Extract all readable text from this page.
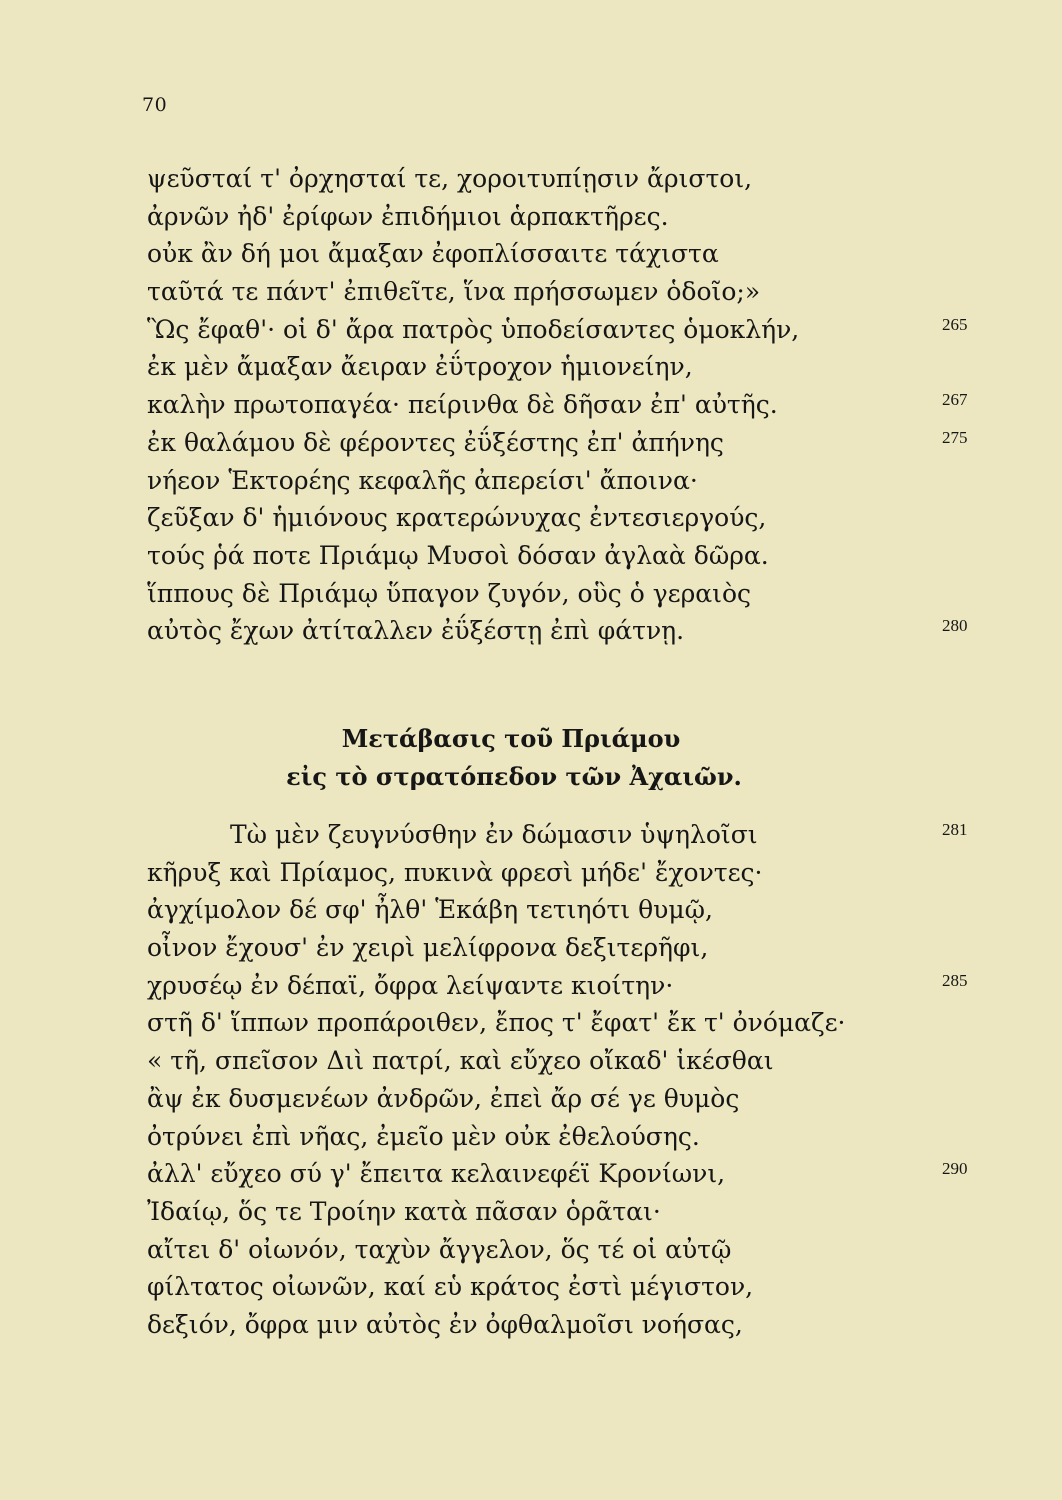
70
ψεῦσταί τ' ὀρχησταί τε, χοροιτυπίῃσιν ἄριστοι,
ἀρνῶν ἠδ' ἐρίφων ἐπιδήμιοι ἁρπακτῆρες.
οὐκ ἂν δή μοι ἄμαξαν ἐφοπλίσσαιτε τάχιστα
ταῦτά τε πάντ' ἐπιθεῖτε, ἵνα πρήσσωμεν ὁδοῖο;»
Ὣς ἔφαθ'· οἱ δ' ἄρα πατρὸς ὑποδείσαντες ὁμοκλήν,	265
ἐκ μὲν ἄμαξαν ἄειραν ἐΰτροχον ἡμιονείην,
καλὴν πρωτοπαγέα· πείρινθα δὲ δῆσαν ἐπ' αὐτῆς.	267
ἐκ θαλάμου δὲ φέροντες ἐΰξέστης ἐπ' ἀπήνης	275
νήεον Ἑκτορέης κεφαλῆς ἀπερείσι' ἄποινα·
ζεῦξαν δ' ἡμιόνους κρατερώνυχας ἐντεσιεργούς,
τούς ῥά ποτε Πριάμῳ Μυσοὶ δόσαν ἀγλαὰ δῶρα.
ἵππους δὲ Πριάμῳ ὕπαγον ζυγόν, οὓς ὁ γεραιὸς
αὐτὸς ἔχων ἀτίταλλεν ἐΰξέστῃ ἐπὶ φάτνῃ.	280
Μετάβασις τοῦ Πριάμου
εἰς τὸ στρατόπεδον τῶν Ἀχαιῶν.
Τὼ μὲν ζευγνύσθην ἐν δώμασιν ὑψηλοῖσι	281
κῆρυξ καὶ Πρίαμος, πυκινὰ φρεσὶ μήδε' ἔχοντες·
ἀγχίμολον δέ σφ' ἦλθ' Ἑκάβη τετιηότι θυμῷ,
οἶνον ἔχουσ' ἐν χειρὶ μελίφρονα δεξιτερῆφι,
χρυσέῳ ἐν δέπαϊ, ὄφρα λείψαντε κιοίτην·	285
στῆ δ' ἵππων προπάροιθεν, ἔπος τ' ἔφατ' ἔκ τ' ὀνόμαζε·
« τῆ, σπεῖσον Διὶ πατρί, καὶ εὔχεο οἴκαδ' ἱκέσθαι
ἂψ ἐκ δυσμενέων ἀνδρῶν, ἐπεὶ ἄρ σέ γε θυμὸς
ὀτρύνει ἐπὶ νῆας, ἐμεῖο μὲν οὐκ ἐθελούσης.
ἀλλ' εὔχεο σύ γ' ἔπειτα κελαινεφέϊ Κρονίωνι,	290
Ἰδαίῳ, ὅς τε Τροίην κατὰ πᾶσαν ὁρᾶται·
αἴτει δ' οἰωνόν, ταχὺν ἄγγελον, ὅς τέ οἱ αὐτῷ
φίλτατος οἰωνῶν, καί εὑ κράτος ἐστὶ μέγιστον,
δεξιόν, ὄφρα μιν αὐτὸς ἐν ὀφθαλμοῖσι νοήσας,
